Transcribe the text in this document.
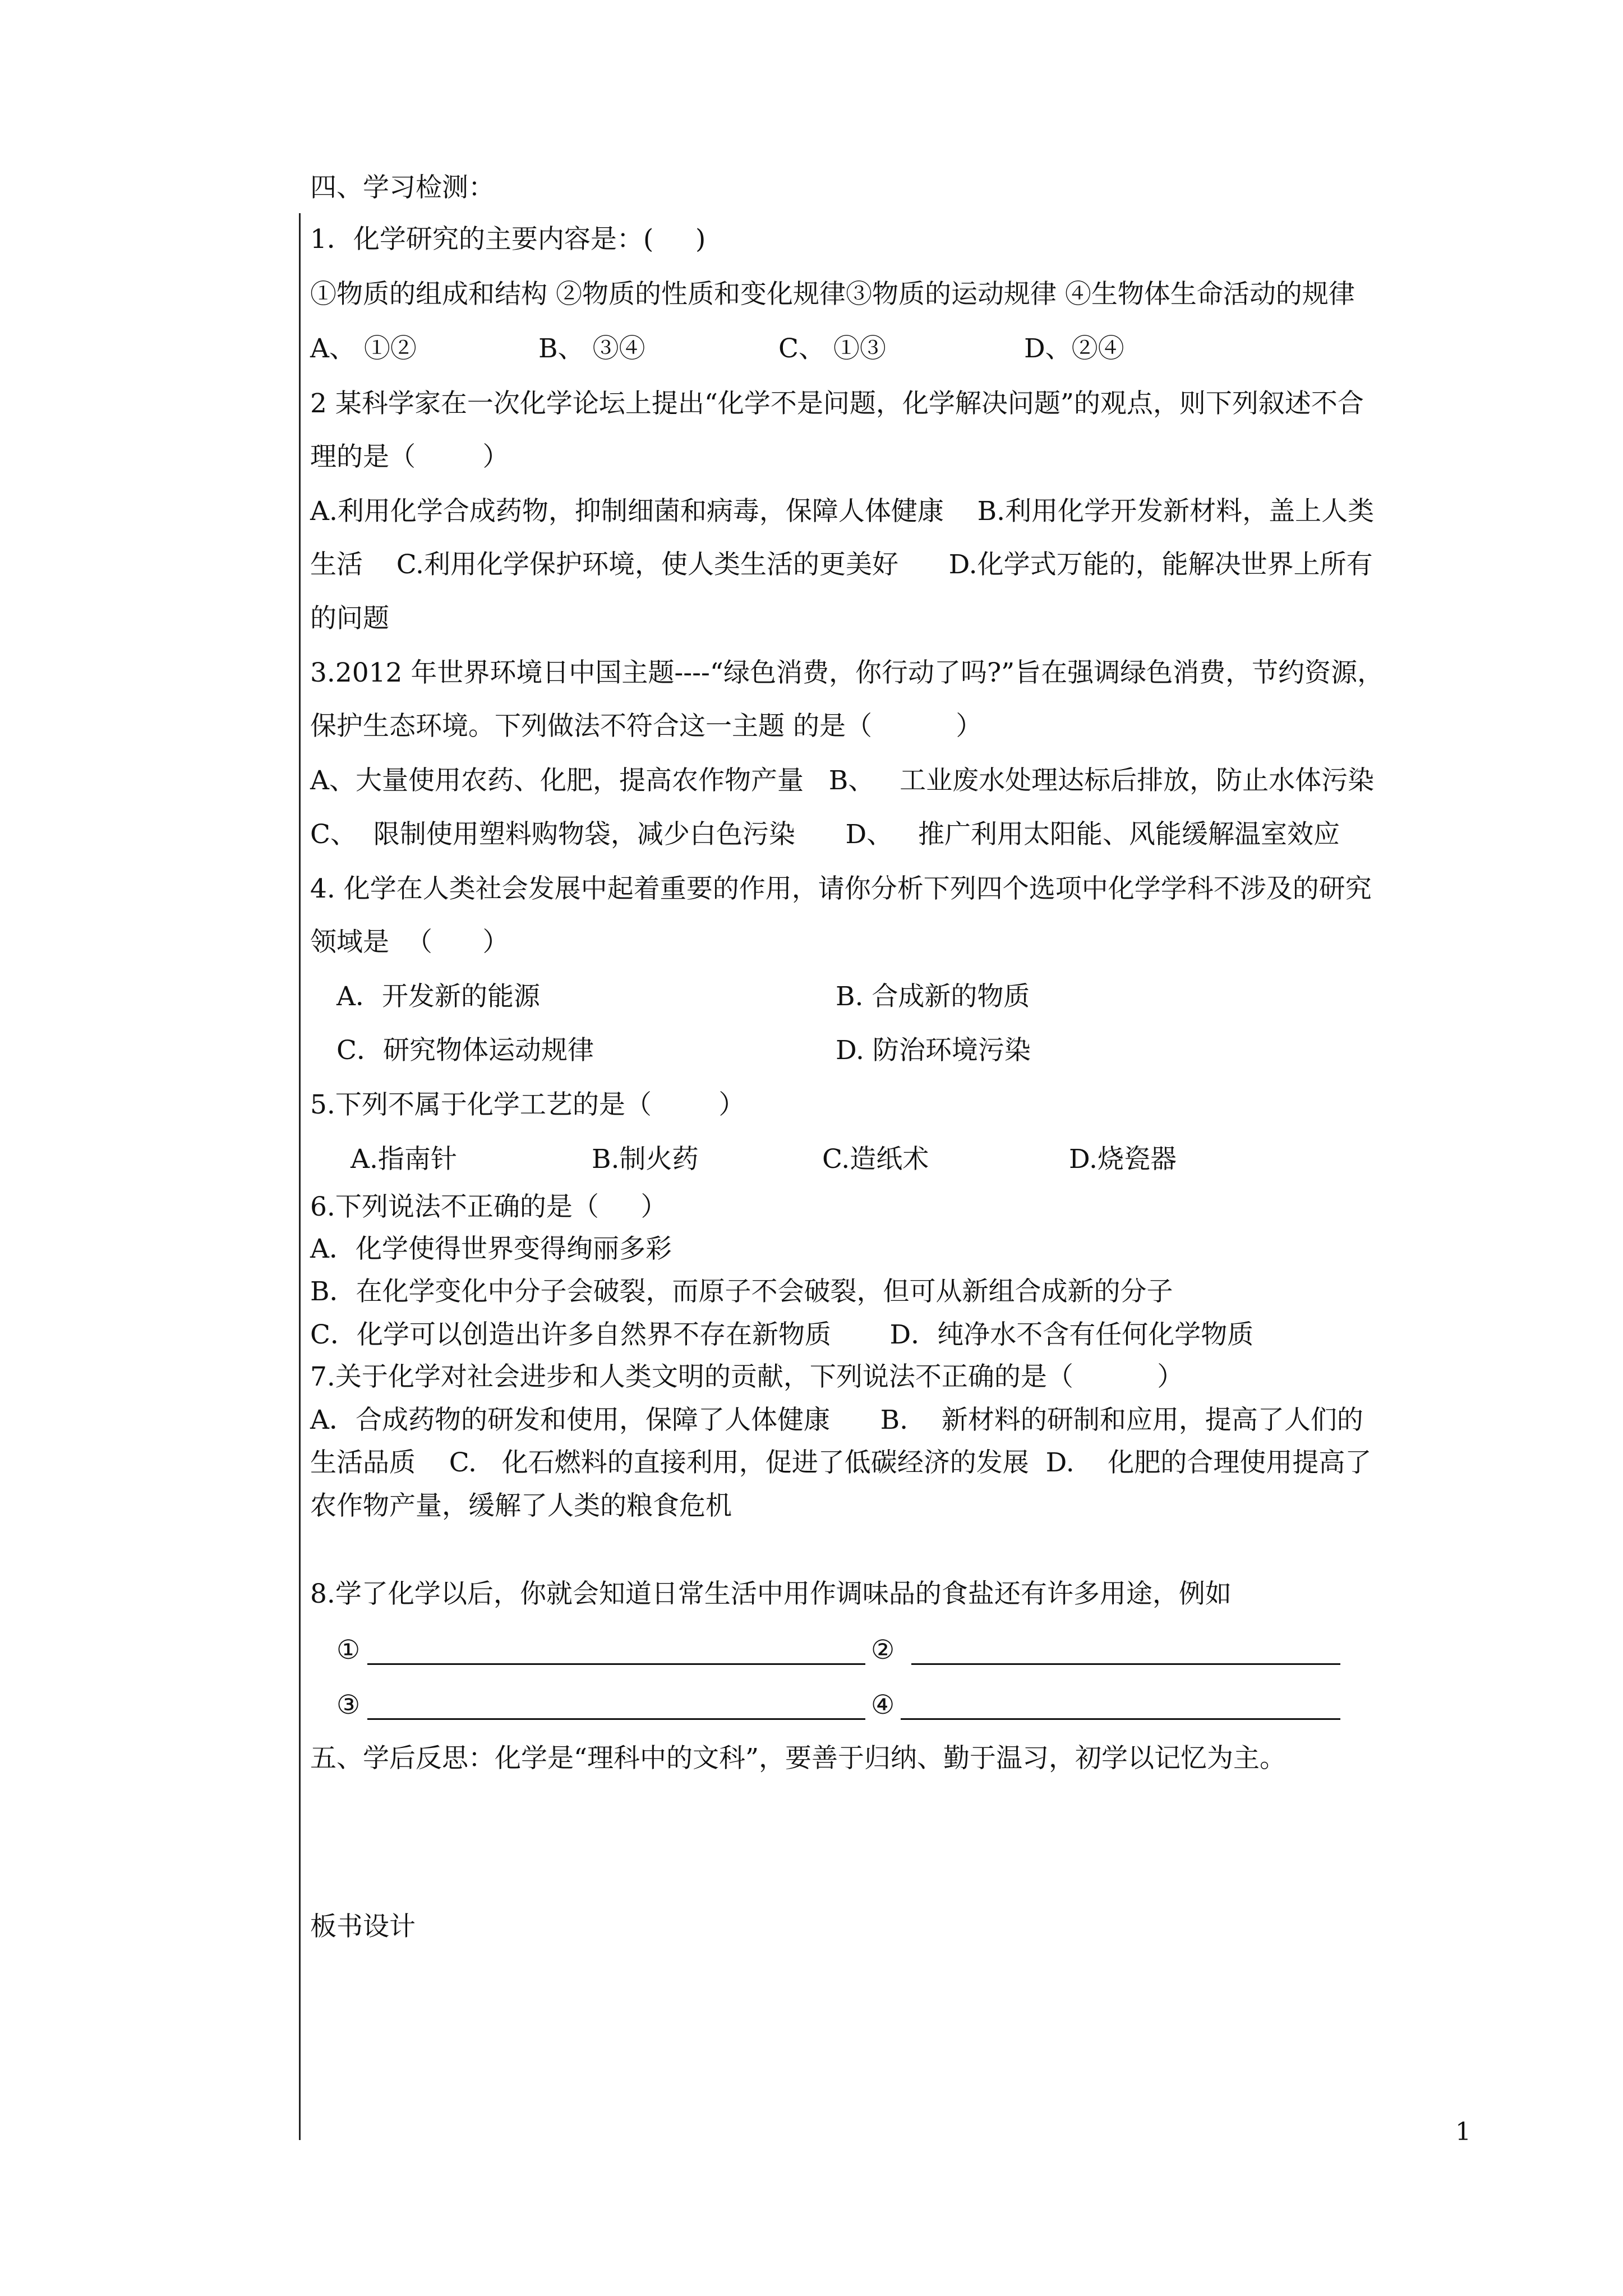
四、学习检测：
1．化学研究的主要内容是：(     )
①物质的组成和结构 ②物质的性质和变化规律③物质的运动规律 ④生物体生命活动的规律
A、 ①②	B、 ③④	C、 ①③	D、②④
2 某科学家在一次化学论坛上提出“化学不是问题，化学解决问题”的观点，则下列叙述不合
理的是（        ）
A.利用化学合成药物，抑制细菌和病毒，保障人体健康    B.利用化学开发新材料，盖上人类
生活    C.利用化学保护环境，使人类生活的更美好      D.化学式万能的，能解决世界上所有
的问题
3.2012 年世界环境日中国主题----“绿色消费，你行动了吗?”旨在强调绿色消费，节约资源，
保护生态环境。下列做法不符合这一主题 的是（          ）
A、大量使用农药、化肥，提高农作物产量   B、   工业废水处理达标后排放，防止水体污染
C、  限制使用塑料购物袋，减少白色污染      D、   推广利用太阳能、风能缓解温室效应
4. 化学在人类社会发展中起着重要的作用，请你分析下列四个选项中化学学科不涉及的研究
领域是  （      ）
A．开发新的能源	B. 合成新的物质
C．研究物体运动规律	D. 防治环境污染
5.下列不属于化学工艺的是（        ）
A.指南针	B.制火药	C.造纸术	D.烧瓷器
6.下列说法不正确的是（     ）
A．化学使得世界变得绚丽多彩
B．在化学变化中分子会破裂，而原子不会破裂，但可从新组合成新的分子
C．化学可以创造出许多自然界不存在新物质       D．纯净水不含有任何化学物质
7.关于化学对社会进步和人类文明的贡献，下列说法不正确的是（          ）
A．合成药物的研发和使用，保障了人体健康      B.    新材料的研制和应用，提高了人们的
生活品质    C.   化石燃料的直接利用，促进了低碳经济的发展  D.    化肥的合理使用提高了
农作物产量，缓解了人类的粮食危机
8.学了化学以后，你就会知道日常生活中用作调味品的食盐还有许多用途，例如
①	②
③	④
五、学后反思：化学是“理科中的文科”，要善于归纳、勤于温习，初学以记忆为主。
板书设计
1
